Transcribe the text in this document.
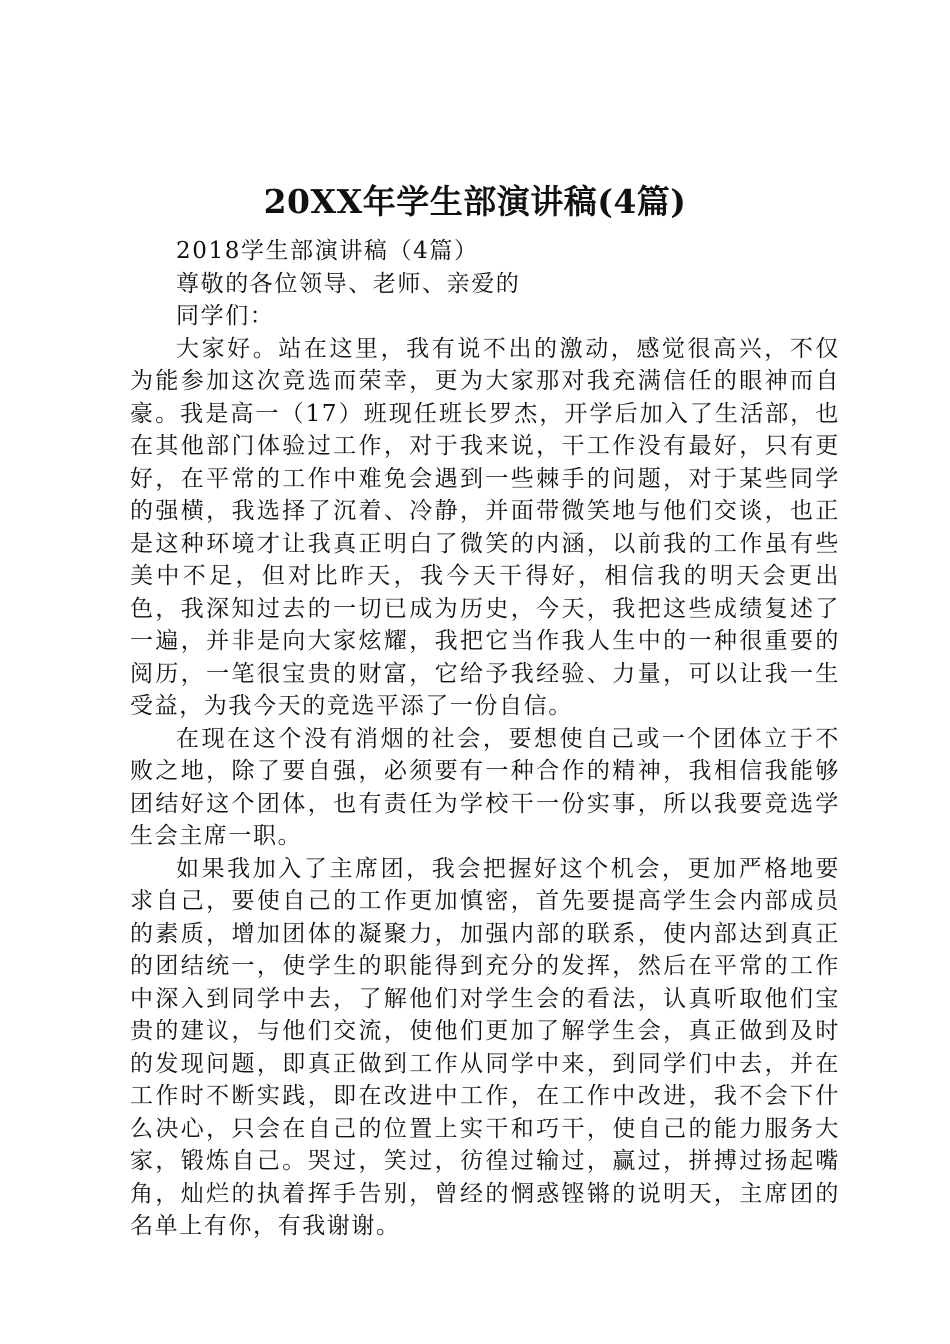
20XX年学生部演讲稿(4篇)

2018学生部演讲稿（4篇）

尊敬的各位领导、老师、亲爱的

同学们：

大家好。站在这里，我有说不出的激动，感觉很高兴，不仅为能参加这次竞选而荣幸，更为大家那对我充满信任的眼神而自豪。我是高一（17）班现任班长罗杰，开学后加入了生活部，也在其他部门体验过工作，对于我来说，干工作没有最好，只有更好，在平常的工作中难免会遇到一些棘手的问题，对于某些同学的强横，我选择了沉着、冷静，并面带微笑地与他们交谈，也正是这种环境才让我真正明白了微笑的内涵，以前我的工作虽有些美中不足，但对比昨天，我今天干得好，相信我的明天会更出色，我深知过去的一切已成为历史，今天，我把这些成绩复述了一遍，并非是向大家炫耀，我把它当作我人生中的一种很重要的阅历，一笔很宝贵的财富，它给予我经验、力量，可以让我一生受益，为我今天的竞选平添了一份自信。

在现在这个没有消烟的社会，要想使自己或一个团体立于不败之地，除了要自强，必须要有一种合作的精神，我相信我能够团结好这个团体，也有责任为学校干一份实事，所以我要竞选学生会主席一职。

如果我加入了主席团，我会把握好这个机会，更加严格地要求自己，要使自己的工作更加慎密，首先要提高学生会内部成员的素质，增加团体的凝聚力，加强内部的联系，使内部达到真正的团结统一，使学生的职能得到充分的发挥，然后在平常的工作中深入到同学中去，了解他们对学生会的看法，认真听取他们宝贵的建议，与他们交流，使他们更加了解学生会，真正做到及时的发现问题，即真正做到工作从同学中来，到同学们中去，并在工作时不断实践，即在改进中工作，在工作中改进，我不会下什么决心，只会在自己的位置上实干和巧干，使自己的能力服务大家，锻炼自己。哭过，笑过，彷徨过输过，赢过，拼搏过扬起嘴角，灿烂的执着挥手告别，曾经的惘惑铿锵的说明天，主席团的名单上有你，有我谢谢。
